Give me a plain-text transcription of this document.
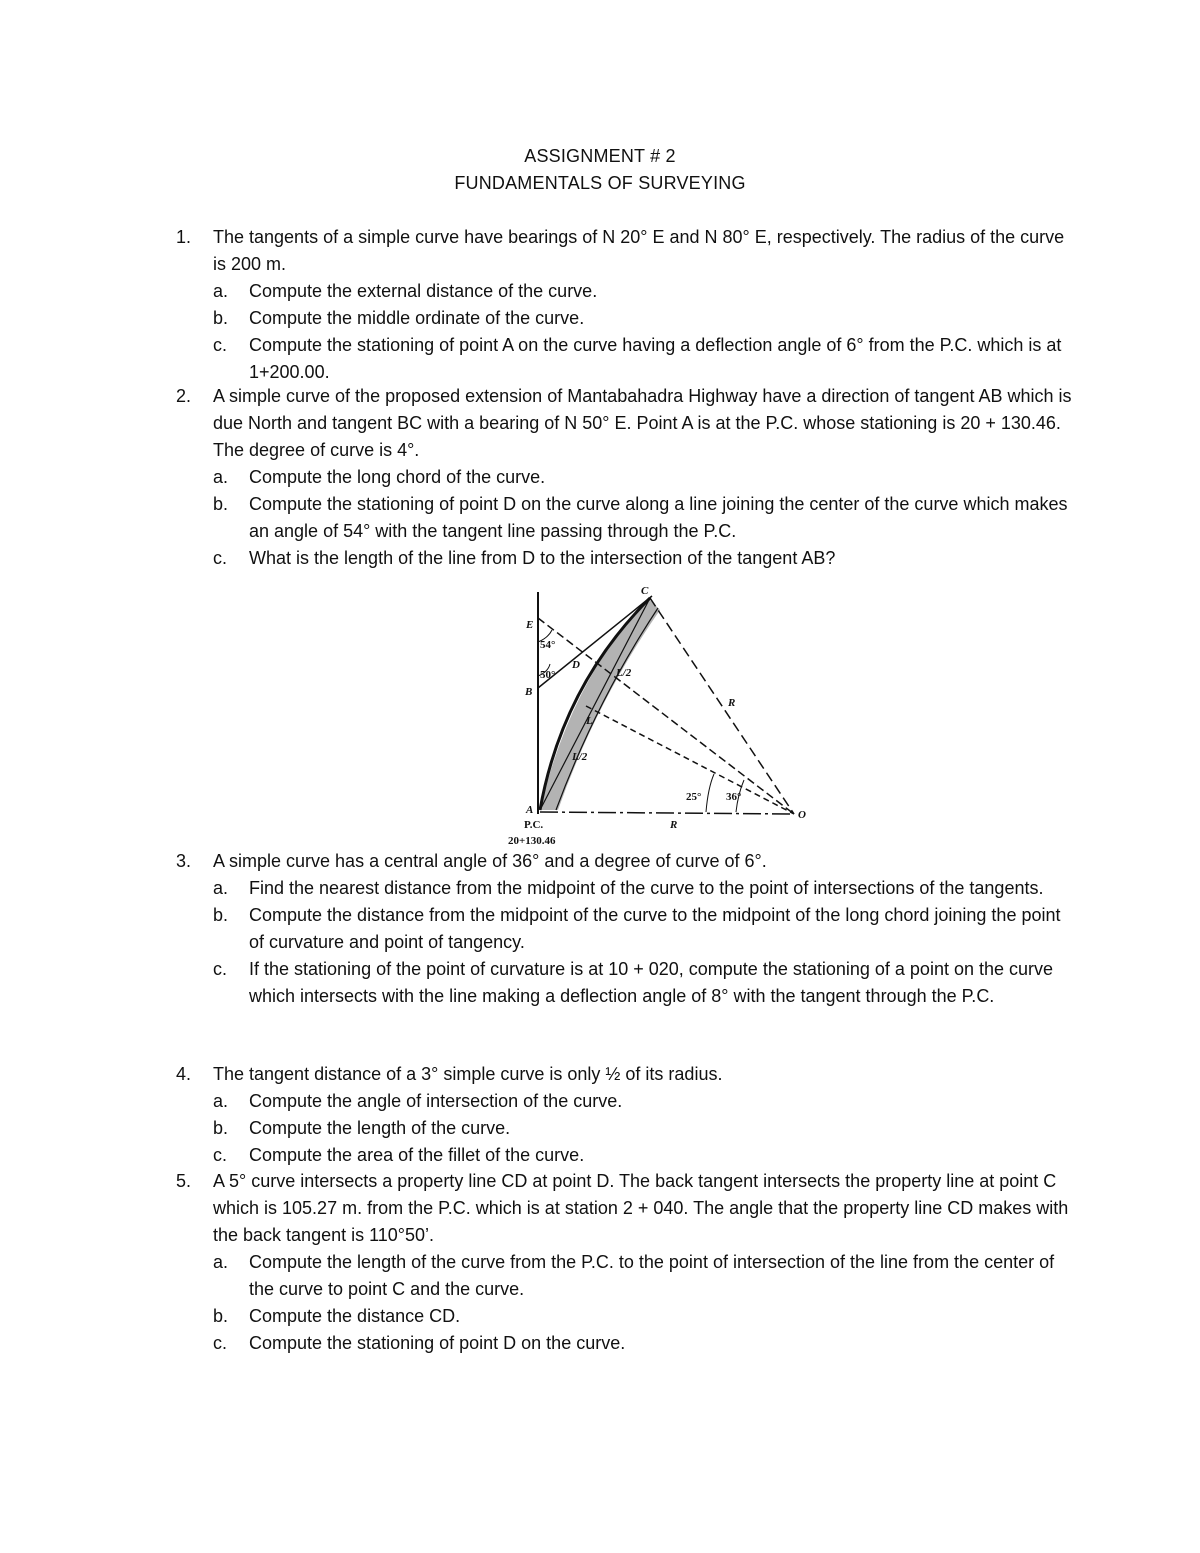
ASSIGNMENT # 2
FUNDAMENTALS OF SURVEYING
1.	The tangents of a simple curve have bearings of N 20° E and N 80° E, respectively. The radius of the curve is 200 m.
a.	Compute the external distance of the curve.
b.	Compute the middle ordinate of the curve.
c.	Compute the stationing of point A on the curve having a deflection angle of 6° from the P.C. which is at 1+200.00.
2.	A simple curve of the proposed extension of Mantabahadra Highway have a direction of tangent AB which is due North and tangent BC with a bearing of N 50° E. Point A is at the P.C. whose stationing is 20 + 130.46. The degree of curve is 4°.
a.	Compute the long chord of the curve.
b.	Compute the stationing of point D on the curve along a line joining the center of the curve which makes an angle of 54° with the tangent line passing through the P.C.
c.	What is the length of the line from D to the intersection of the tangent AB?
C
E
D
B
A	O
R
R
L/2
L/2
L
54°
50°
25° 36°
P.C.
20+130.46
3.	A simple curve has a central angle of 36° and a degree of curve of 6°.
a.	Find the nearest distance from the midpoint of the curve to the point of intersections of the tangents.
b.	Compute the distance from the midpoint of the curve to the midpoint of the long chord joining the point of curvature and point of tangency.
c.	If the stationing of the point of curvature is at 10 + 020, compute the stationing of a point on the curve which intersects with the line making a deflection angle of 8° with the tangent through the P.C.
4.	The tangent distance of a 3° simple curve is only ½ of its radius.
a.	Compute the angle of intersection of the curve.
b.	Compute the length of the curve.
c.	Compute the area of the fillet of the curve.
5.	A 5° curve intersects a property line CD at point D. The back tangent intersects the property line at point C which is 105.27 m. from the P.C. which is at station 2 + 040. The angle that the property line CD makes with the back tangent is 110°50’.
a.	Compute the length of the curve from the P.C. to the point of intersection of the line from the center of the curve to point C and the curve.
b.	Compute the distance CD.
c.	Compute the stationing of point D on the curve.
